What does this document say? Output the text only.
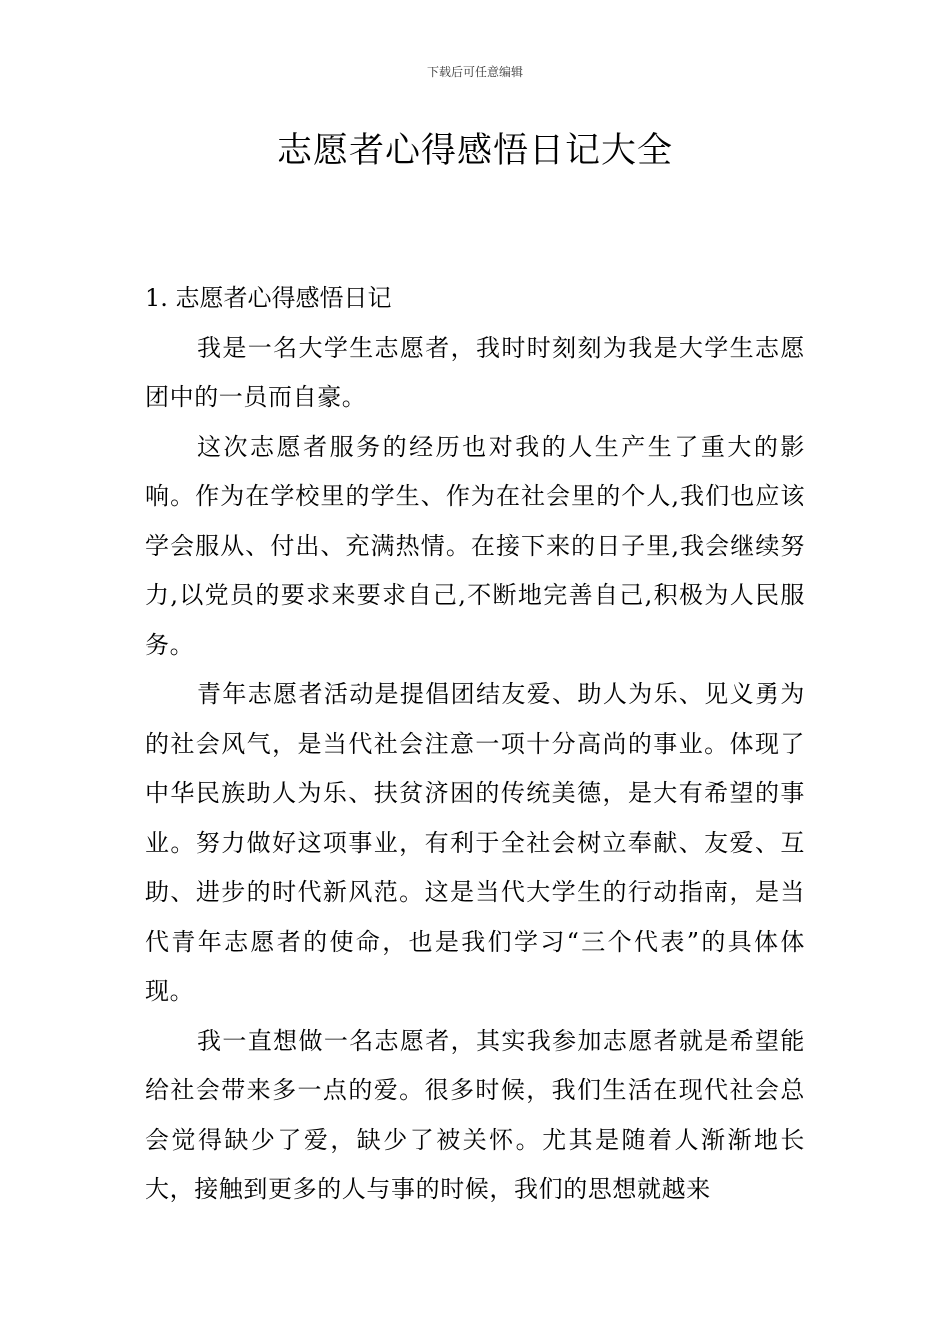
下载后可任意编辑
志愿者心得感悟日记大全
1. 志愿者心得感悟日记

我是一名大学生志愿者，我时时刻刻为我是大学生志愿团中的一员而自豪。

这次志愿者服务的经历也对我的人生产生了重大的影响。作为在学校里的学生、作为在社会里的个人,我们也应该学会服从、付出、充满热情。在接下来的日子里,我会继续努力,以党员的要求来要求自己,不断地完善自己,积极为人民服务。

青年志愿者活动是提倡团结友爱、助人为乐、见义勇为的社会风气，是当代社会注意一项十分高尚的事业。体现了中华民族助人为乐、扶贫济困的传统美德，是大有希望的事业。努力做好这项事业，有利于全社会树立奉献、友爱、互助、进步的时代新风范。这是当代大学生的行动指南，是当代青年志愿者的使命，也是我们学习“三个代表”的具体体现。

我一直想做一名志愿者，其实我参加志愿者就是希望能给社会带来多一点的爱。很多时候，我们生活在现代社会总会觉得缺少了爱，缺少了被关怀。尤其是随着人渐渐地长大，接触到更多的人与事的时候，我们的思想就越来
